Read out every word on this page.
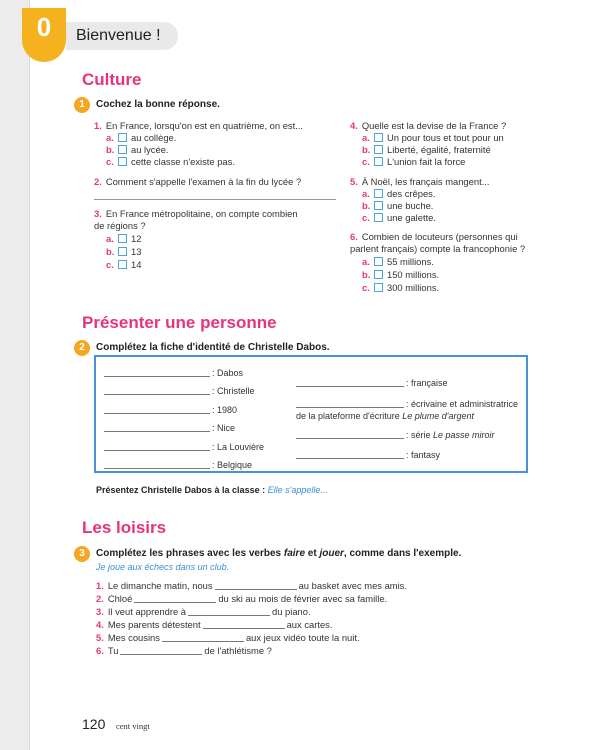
0	Bienvenue !
Culture
1	Cochez la bonne réponse.
1. En France, lorsqu'on est en quatrième, on est...
a. au collège.
b. au lycée.
c. cette classe n'existe pas.
2. Comment s'appelle l'examen à la fin du lycée ?
3. En France métropolitaine, on compte combien
de régions ?
a. 12
b. 13
c. 14
4. Quelle est la devise de la France ?
a. Un pour tous et tout pour un
b. Liberté, égalité, fraternité
c. L'union fait la force
5. À Noël, les français mangent...
a. des crêpes.
b. une buche.
c. une galette.
6. Combien de locuteurs (personnes qui
parlent français) compte la francophonie ?
a. 55 millions.
b. 150 millions.
c. 300 millions.
Présenter une personne
2	Complétez la fiche d'identité de Christelle Dabos.
: Dabos
: Christelle
: 1980
: Nice
: La Louvière
: Belgique
: française
: écrivaine et administratrice
de la plateforme d'écriture Le plume d'argent
: série Le passe miroir
: fantasy
Présentez Christelle Dabos à la classe : Elle s'appelle...
Les loisirs
3	Complétez les phrases avec les verbes faire et jouer, comme dans l'exemple.
Je joue aux échecs dans un club.
1. Le dimanche matin, nous	au basket avec mes amis.
2. Chloé	du ski au mois de février avec sa famille.
3. Il veut apprendre à	du piano.
4. Mes parents détestent	aux cartes.
5. Mes cousins	aux jeux vidéo toute la nuit.
6. Tu	de l'athlétisme ?
120 cent vingt
